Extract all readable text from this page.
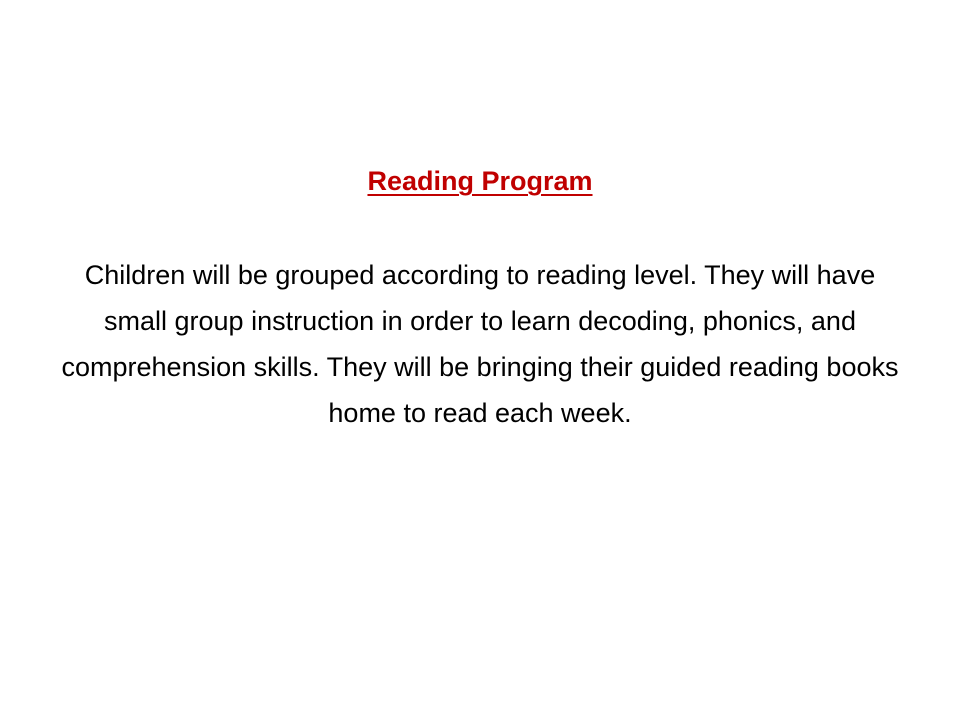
Reading Program

Children will be grouped according to reading level. They will have small group instruction in order to learn decoding, phonics, and comprehension skills. They will be bringing their guided reading books home to read each week.
